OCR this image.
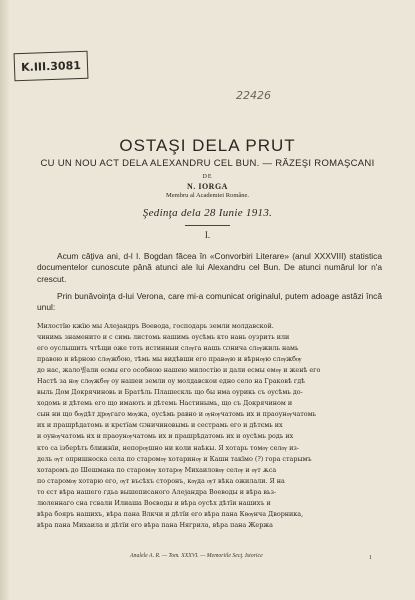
K.III.3081
22426
OSTAŞI DELA PRUT
CU UN NOU ACT DELA ALEXANDRU CEL BUN. — RĂZEŞI ROMAŞCANI
DE
N. IORGA
Membru al Academiei Române.
Şedinţa dela 28 Iunie 1913.
I.
Acum câţiva ani, d-l I. Bogdan făcea în «Convorbiri Literare» (anul XXXVIII) statistica documentelor cunoscute până atunci ale lui Alexandru cel Bun. De atunci numărul lor n'a crescut.
Prin bunăvoinţa d-lui Verona, care mi-a comunicat originalul, putem adoage astăzi încă unul:
Милостїю кжїю мы Алеѯандръ Воеводa, господарь земли молдавской.
чинимь знаменито и с симь листомь нашимь оусѣмь кто нань оузрить или
его оуслышить чтѣщи оже тоть истинныи слѹга нашь Ѡнича слѹжиль намь
правою и вѣрною слѹжбою, тѣмь мы видѣвши его правѹю и вѣрнѹю слѹжбѹ
до нас, жало별али есмы его особною нашею милостію и дали есмы емѹ и женѣ его
Настѣ за нѹ слѹжбѹ оу нашеи земли оу молдавскои едно село на Граковѣ гдѣ
выль Дом Докрячиновь и Братѣль Плашескль що бы нма оурикь съ оусѣмь до-
ходомь и дѣтемь его що имають и дѣтемь Настинымь, що съ Докрячином и
сын ни що бѹдѣт дрѹгаго мѹжа, оусѣмь равно и ѹнѹчатомь их и праоунѹчатомь
их и прашрѣдатомь и крєтїам Ѡничиновымь и сестрамь его и дѣтємь их
и оунѹчатомь их и праоунѹчатомь их и прашрѣдатомь их и оусѣмь родь их
кто са ізберѣть ближнїи, непорѹшно ни коли наѣкы. Я хотарь томѹ селѹ из-
дель ѹт опришноска села по старомѹ хотаринѹ и Кашн такїмо (?) гора старымъ
хотаромъ до Шешмана по старомѹ хотарѹ Михаиловѹ селѹ и ѹт ѫса
по старомѹ хотарю его, ѹт въсѣхъ сторонъ, кѹда ѹт вѣка ожилали. Я на
то єст вѣра нашего гдьа вышеписаного Алеѯандра Воеводы и вѣра вьз-
люленнаго сна гсвали Илиаша Воєводы и вѣра оусѣх дѣтїи нашихъ и
вѣра бояръ нашихъ, вѣра пана Влкчи и дѣтїи его вѣра пана Кѳѹнча Дворника,
вѣра пана Михаила и дѣтїи его вѣра пана Нягрила, вѣра пана Жержа
Analele A. R. — Tom. XXXVI. — Memoriile Secţ. Istorice	1
